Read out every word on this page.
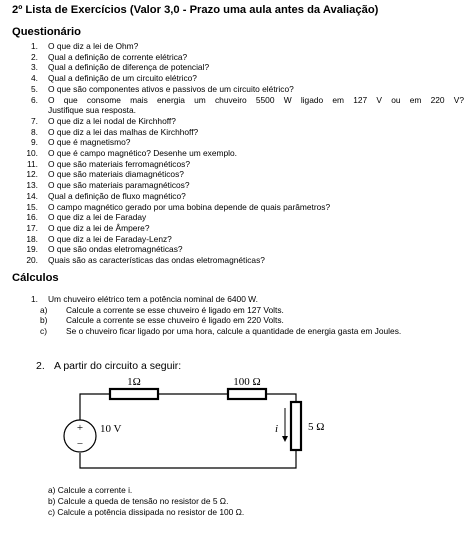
2º Lista de Exercícios (Valor 3,0 - Prazo uma aula antes da Avaliação)
Questionário
1.	O que diz a lei de Ohm?
2.	Qual a definição de corrente elétrica?
3.	Qual a definição de diferença de potencial?
4.	Qual a definição de um circuito elétrico?
5.	O que são componentes ativos e passivos de um circuito elétrico?
6.	O que consome mais energia um chuveiro 5500 W ligado em 127 V ou em 220 V?
Justifique sua resposta.
7.	O que diz a lei nodal de Kirchhoff?
8.	O que diz a lei das malhas de Kirchhoff?
9.	O que é magnetismo?
10.	O que é campo magnético? Desenhe um exemplo.
11.	O que são materiais ferromagnéticos?
12.	O que são materiais diamagnéticos?
13.	O que são materiais paramagnéticos?
14.	Qual a definição de fluxo magnético?
15.	O campo magnético gerado por uma bobina depende de quais parâmetros?
16.	O que diz a lei de Faraday
17.	O que diz a lei de Âmpere?
18.	O que diz a lei de Faraday-Lenz?
19.	O que são ondas eletromagnéticas?
20.	Quais são as características das ondas eletromagnéticas?
Cálculos
1.	Um chuveiro elétrico tem a potência nominal de 6400 W.
a)	Calcule a corrente se esse chuveiro é ligado em 127 Volts.
b)	Calcule a corrente se esse chuveiro é ligado em 220 Volts.
c)	Se o chuveiro ficar ligado por uma hora, calcule a quantidade de energia gasta em Joules.
2. A partir do circuito a seguir:
1Ω	100 Ω
5 Ω
i
+
−
10 V
a) Calcule a corrente i.
b) Calcule a queda de tensão no resistor de 5 Ω.
c) Calcule a potência dissipada no resistor de 100 Ω.
